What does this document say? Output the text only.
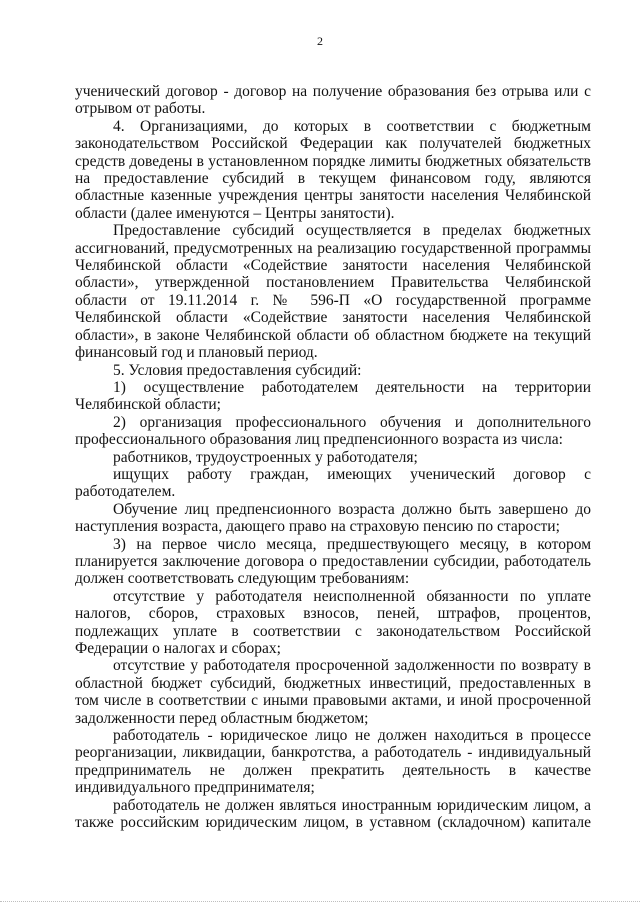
2

ученический договор - договор на получение образования без отрыва или с отрывом от работы.

4. Организациями, до которых в соответствии с бюджетным законодательством Российской Федерации как получателей бюджетных средств доведены в установленном порядке лимиты бюджетных обязательств на предоставление субсидий в текущем финансовом году, являются областные казенные учреждения центры занятости населения Челябинской области (далее именуются – Центры занятости).

Предоставление субсидий осуществляется в пределах бюджетных ассигнований, предусмотренных на реализацию государственной программы Челябинской области «Содействие занятости населения Челябинской области», утвержденной постановлением Правительства Челябинской области от 19.11.2014 г. № 596-П «О государственной программе Челябинской области «Содействие занятости населения Челябинской области», в законе Челябинской области об областном бюджете на текущий финансовый год и плановый период.

5. Условия предоставления субсидий:

1) осуществление работодателем деятельности на территории Челябинской области;

2) организация профессионального обучения и дополнительного профессионального образования лиц предпенсионного возраста из числа:

работников, трудоустроенных у работодателя;

ищущих работу граждан, имеющих ученический договор с работодателем.

Обучение лиц предпенсионного возраста должно быть завершено до наступления возраста, дающего право на страховую пенсию по старости;

3) на первое число месяца, предшествующего месяцу, в котором планируется заключение договора о предоставлении субсидии, работодатель должен соответствовать следующим требованиям:

отсутствие у работодателя неисполненной обязанности по уплате налогов, сборов, страховых взносов, пеней, штрафов, процентов, подлежащих уплате в соответствии с законодательством Российской Федерации о налогах и сборах;

отсутствие у работодателя просроченной задолженности по возврату в областной бюджет субсидий, бюджетных инвестиций, предоставленных в том числе в соответствии с иными правовыми актами, и иной просроченной задолженности перед областным бюджетом;

работодатель - юридическое лицо не должен находиться в процессе реорганизации, ликвидации, банкротства, а работодатель - индивидуальный предприниматель не должен прекратить деятельность в качестве индивидуального предпринимателя;

работодатель не должен являться иностранным юридическим лицом, а также российским юридическим лицом, в уставном (складочном) капитале
